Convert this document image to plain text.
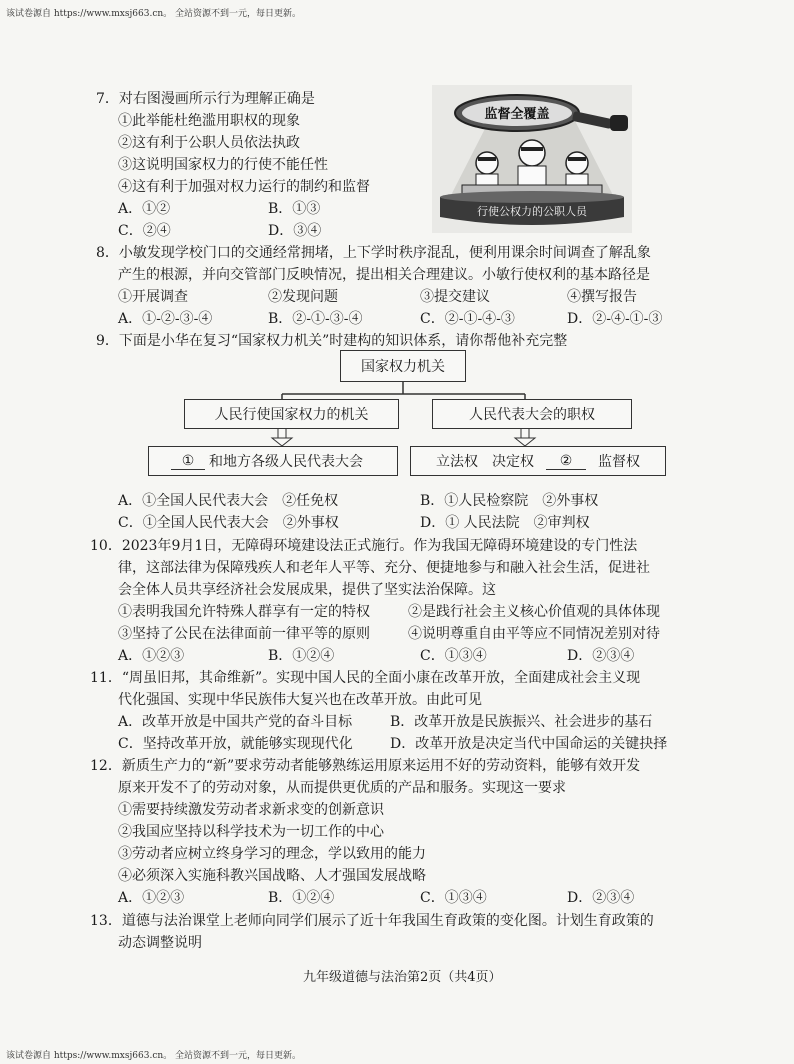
该试卷源自 https://www.mxsj663.cn。 全站资源不到一元，每日更新。
该试卷源自 https://www.mxsj663.cn。 全站资源不到一元，每日更新。
7．对右图漫画所示行为理解正确是
①此举能杜绝滥用职权的现象
②这有利于公职人员依法执政
③这说明国家权力的行使不能任性
④这有利于加强对权力运行的制约和监督
A．①②	B．①③
C．②④	D．③④
监督全覆盖
行使公权力的公职人员
8．小敏发现学校门口的交通经常拥堵，上下学时秩序混乱，便利用课余时间调查了解乱象
产生的根源，并向交管部门反映情况，提出相关合理建议。小敏行使权利的基本路径是
①开展调查	②发现问题	③提交建议	④撰写报告
A．①-②-③-④	B．②-①-③-④	C．②-①-④-③	D．②-④-①-③
9．下面是小华在复习“国家权力机关”时建构的知识体系，请你帮他补充完整
国家权力机关
人民行使国家权力的机关	人民代表大会的职权
①	和地方各级人民代表大会	立法权 决定权	②	监督权
A．①全国人民代表大会　②任免权	B．①人民检察院　②外事权
C．①全国人民代表大会　②外事权	D．① 人民法院　②审判权
10．2023年9月1日，无障碍环境建设法正式施行。作为我国无障碍环境建设的专门性法
律，这部法律为保障残疾人和老年人平等、充分、便捷地参与和融入社会生活，促进社
会全体人员共享经济社会发展成果，提供了坚实法治保障。这
①表明我国允许特殊人群享有一定的特权	②是践行社会主义核心价值观的具体体现
③坚持了公民在法律面前一律平等的原则	④说明尊重自由平等应不同情况差别对待
A．①②③	B．①②④	C．①③④	D．②③④
11．“周虽旧邦，其命维新”。实现中国人民的全面小康在改革开放，全面建成社会主义现
代化强国、实现中华民族伟大复兴也在改革开放。由此可见
A．改革开放是中国共产党的奋斗目标	B．改革开放是民族振兴、社会进步的基石
C．坚持改革开放，就能够实现现代化	D．改革开放是决定当代中国命运的关键抉择
12．新质生产力的“新”要求劳动者能够熟练运用原来运用不好的劳动资料，能够有效开发
原来开发不了的劳动对象，从而提供更优质的产品和服务。实现这一要求
①需要持续激发劳动者求新求变的创新意识
②我国应坚持以科学技术为一切工作的中心
③劳动者应树立终身学习的理念，学以致用的能力
④必须深入实施科教兴国战略、人才强国发展战略
A．①②③	B．①②④	C．①③④	D．②③④
13．道德与法治课堂上老师向同学们展示了近十年我国生育政策的变化图。计划生育政策的
动态调整说明
九年级道德与法治第2页（共4页）
